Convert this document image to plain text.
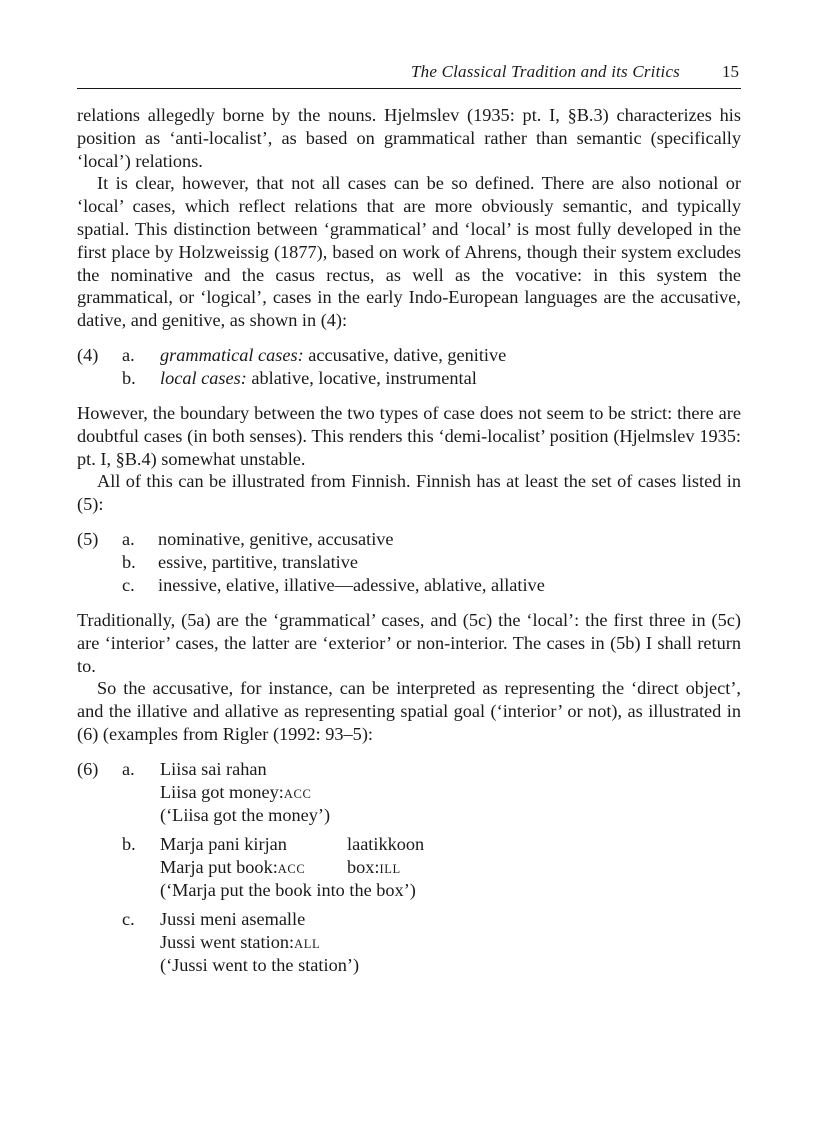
The Classical Tradition and its Critics 15

relations allegedly borne by the nouns. Hjelmslev (1935: pt. I, §B.3) characterizes his position as ‘anti-localist’, as based on grammatical rather than semantic (specifically ‘local’) relations.

It is clear, however, that not all cases can be so defined. There are also notional or ‘local’ cases, which reflect relations that are more obviously semantic, and typically spatial. This distinction between ‘grammatical’ and ‘local’ is most fully developed in the first place by Holzweissig (1877), based on work of Ahrens, though their system excludes the nominative and the casus rectus, as well as the vocative: in this system the grammatical, or ‘logical’, cases in the early Indo-European languages are the accusative, dative, and genitive, as shown in (4):

(4) a. grammatical cases: accusative, dative, genitive
b. local cases: ablative, locative, instrumental

However, the boundary between the two types of case does not seem to be strict: there are doubtful cases (in both senses). This renders this ‘demi-localist’ position (Hjelmslev 1935: pt. I, §B.4) somewhat unstable.

All of this can be illustrated from Finnish. Finnish has at least the set of cases listed in (5):

(5) a. nominative, genitive, accusative
b. essive, partitive, translative
c. inessive, elative, illative—adessive, ablative, allative

Traditionally, (5a) are the ‘grammatical’ cases, and (5c) the ‘local’: the first three in (5c) are ‘interior’ cases, the latter are ‘exterior’ or non-interior. The cases in (5b) I shall return to.

So the accusative, for instance, can be interpreted as representing the ‘direct object’, and the illative and allative as representing spatial goal (‘interior’ or not), as illustrated in (6) (examples from Rigler (1992: 93–5):

(6) a. Liisa sai rahan
Liisa got money:ACC
(‘Liisa got the money’)
b. Marja pani kirjan	laatikkoon
Marja put book:ACC box:ILL
(‘Marja put the book into the box’)
c. Jussi meni asemalle
Jussi went station:ALL
(‘Jussi went to the station’)
